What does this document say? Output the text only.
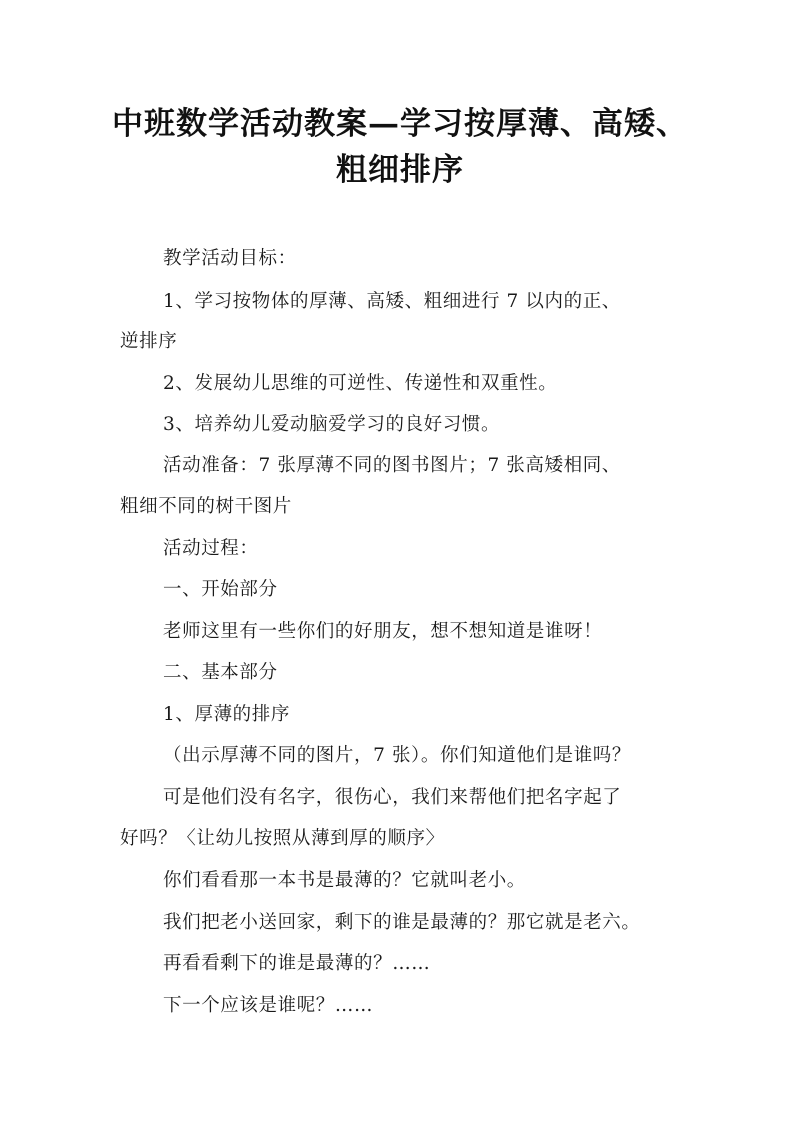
中班数学活动教案—学习按厚薄、高矮、
粗细排序
教学活动目标：
1、学习按物体的厚薄、高矮、粗细进行 7 以内的正、
逆排序
2、发展幼儿思维的可逆性、传递性和双重性。
3、培养幼儿爱动脑爱学习的良好习惯。
活动准备：7 张厚薄不同的图书图片；7 张高矮相同、
粗细不同的树干图片
活动过程：
一、开始部分
老师这里有一些你们的好朋友，想不想知道是谁呀！
二、基本部分
1、厚薄的排序
（出示厚薄不同的图片，7 张）。你们知道他们是谁吗？
可是他们没有名字，很伤心，我们来帮他们把名字起了
好吗？〈让幼儿按照从薄到厚的顺序〉
你们看看那一本书是最薄的？它就叫老小。
我们把老小送回家，剩下的谁是最薄的？那它就是老六。
再看看剩下的谁是最薄的？……
下一个应该是谁呢？……
